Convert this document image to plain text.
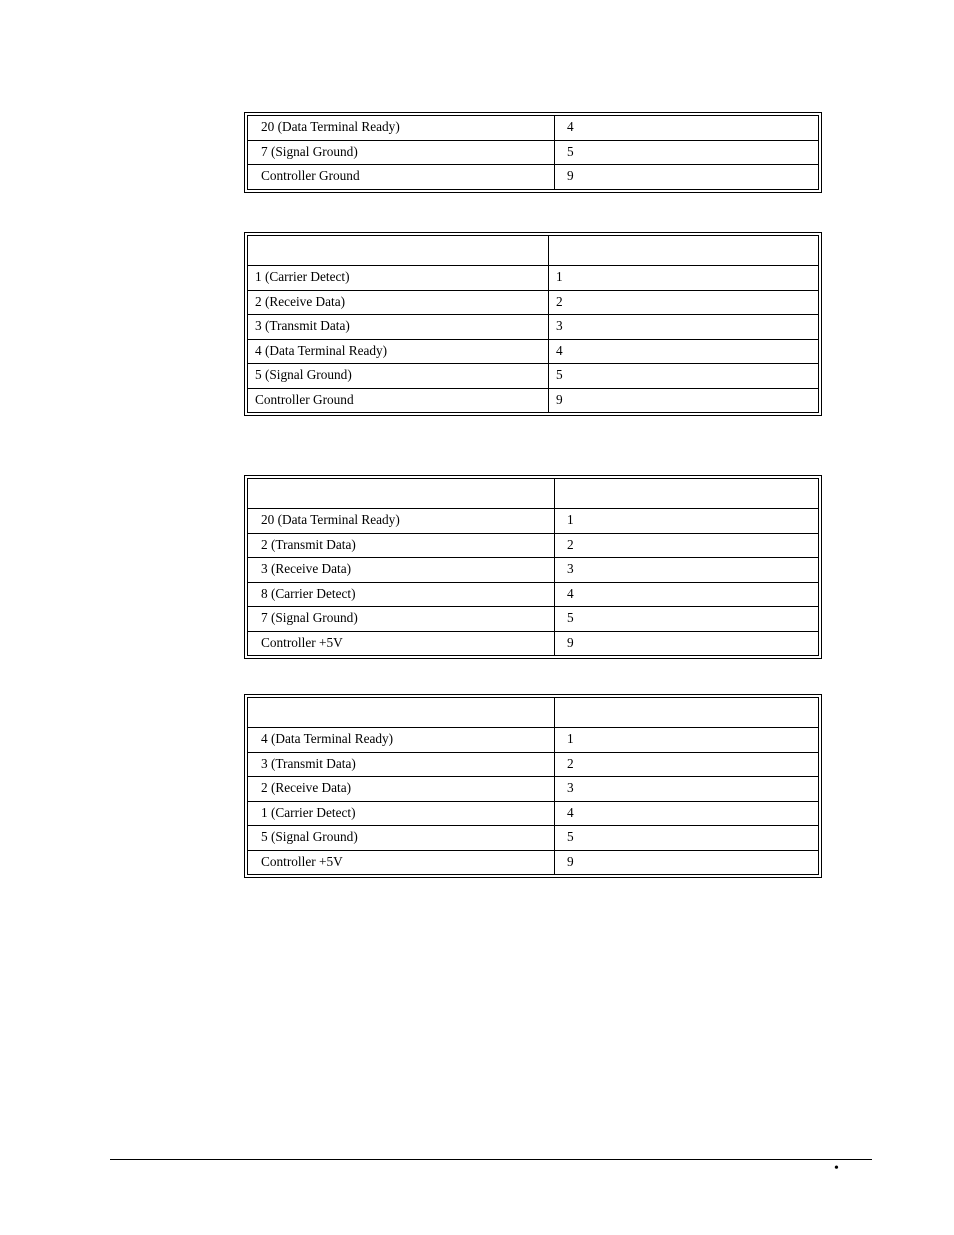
20 (Data Terminal Ready)	4
7 (Signal Ground)	5
Controller Ground	9

1 (Carrier Detect)	1
2 (Receive Data)	2
3 (Transmit Data)	3
4 (Data Terminal Ready)	4
5 (Signal Ground)	5
Controller Ground	9

20 (Data Terminal Ready)	1
2 (Transmit Data)	2
3 (Receive Data)	3
8 (Carrier Detect)	4
7 (Signal Ground)	5
Controller +5V	9

4 (Data Terminal Ready)	1
3 (Transmit Data)	2
2 (Receive Data)	3
1 (Carrier Detect)	4
5 (Signal Ground)	5
Controller +5V	9
•
